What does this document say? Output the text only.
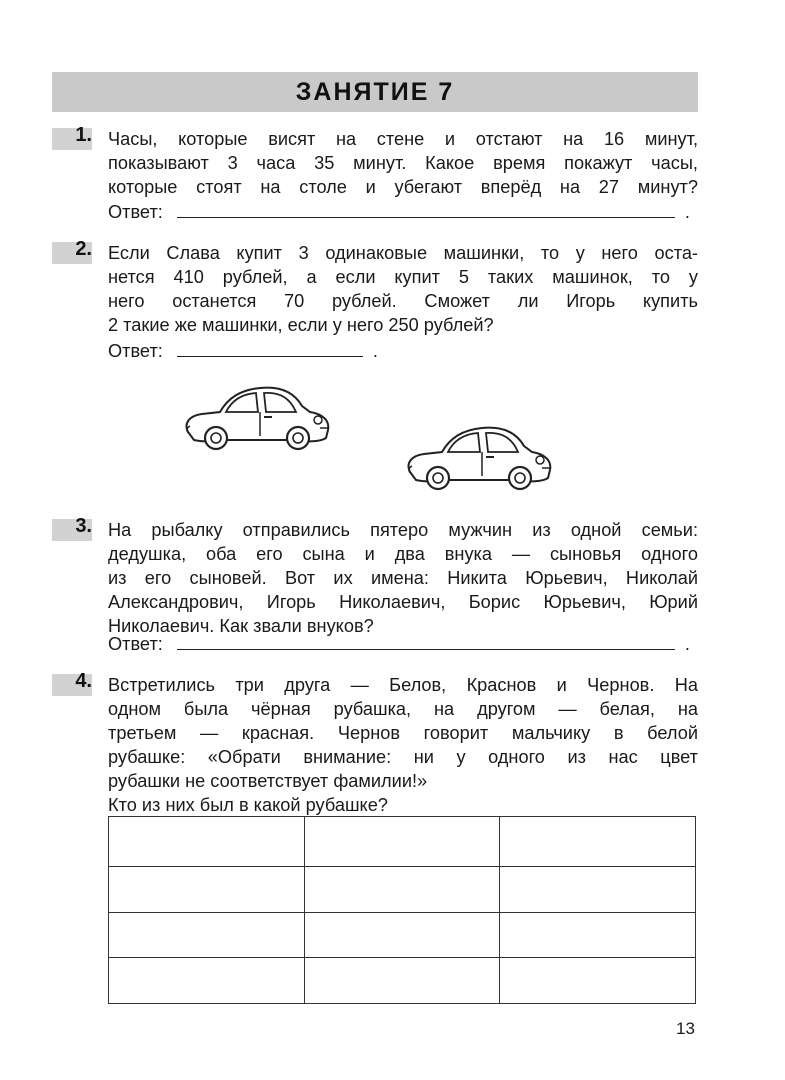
ЗАНЯТИЕ 7
1. Часы, которые висят на стене и отстают на 16 минут,
показывают 3 часа 35 минут. Какое время покажут часы,
которые стоят на столе и убегают вперёд на 27 минут?
Ответ:	.
2. Если Слава купит 3 одинаковые машинки, то у него оста-
нется 410 рублей, а если купит 5 таких машинок, то у
него останется 70 рублей. Сможет ли Игорь купить
2 такие же машинки, если у него 250 рублей?
Ответ:	.
3. На рыбалку отправились пятеро мужчин из одной семьи:
дедушка, оба его сына и два внука — сыновья одного
из его сыновей. Вот их имена: Никита Юрьевич, Николай
Александрович, Игорь Николаевич, Борис Юрьевич, Юрий
Николаевич. Как звали внуков?
Ответ:	.
4. Встретились три друга — Белов, Краснов и Чернов. На
одном была чёрная рубашка, на другом — белая, на
третьем — красная. Чернов говорит мальчику в белой
рубашке: «Обрати внимание: ни у одного из нас цвет
рубашки не соответствует фамилии!»
Кто из них был в какой рубашке?

13
